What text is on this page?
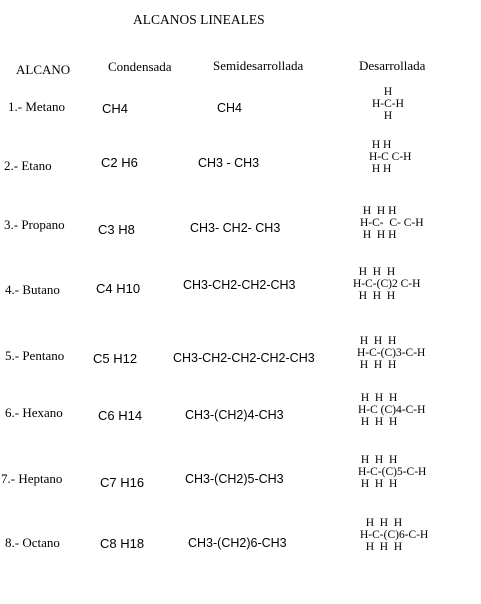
ALCANOS LINEALES
ALCANO	Condensada	Semidesarrollada	Desarrollada
1.- Metano	CH4	CH4
H
H-C-H
H
2.- Etano	C2 H6	CH3 - CH3
H H
H-C C-H
H H
3.- Propano	C3 H8	CH3- CH2- CH3
H  H H
H-C-  C- C-H
H  H H
4.- Butano	C4 H10	CH3-CH2-CH2-CH3
H  H  H
H-C-(C)2 C-H
H  H  H
5.- Pentano C5 H12	CH3-CH2-CH2-CH2-CH3
H  H  H
H-C-(C)3-C-H
H  H  H
6.- Hexano	C6 H14	CH3-(CH2)4-CH3
H  H  H
H-C (C)4-C-H
H  H  H
7.- Heptano	C7 H16	CH3-(CH2)5-CH3
H  H  H
H-C-(C)5-C-H
H  H  H
8.- Octano	C8 H18	CH3-(CH2)6-CH3
H  H  H
H-C-(C)6-C-H
H  H  H
